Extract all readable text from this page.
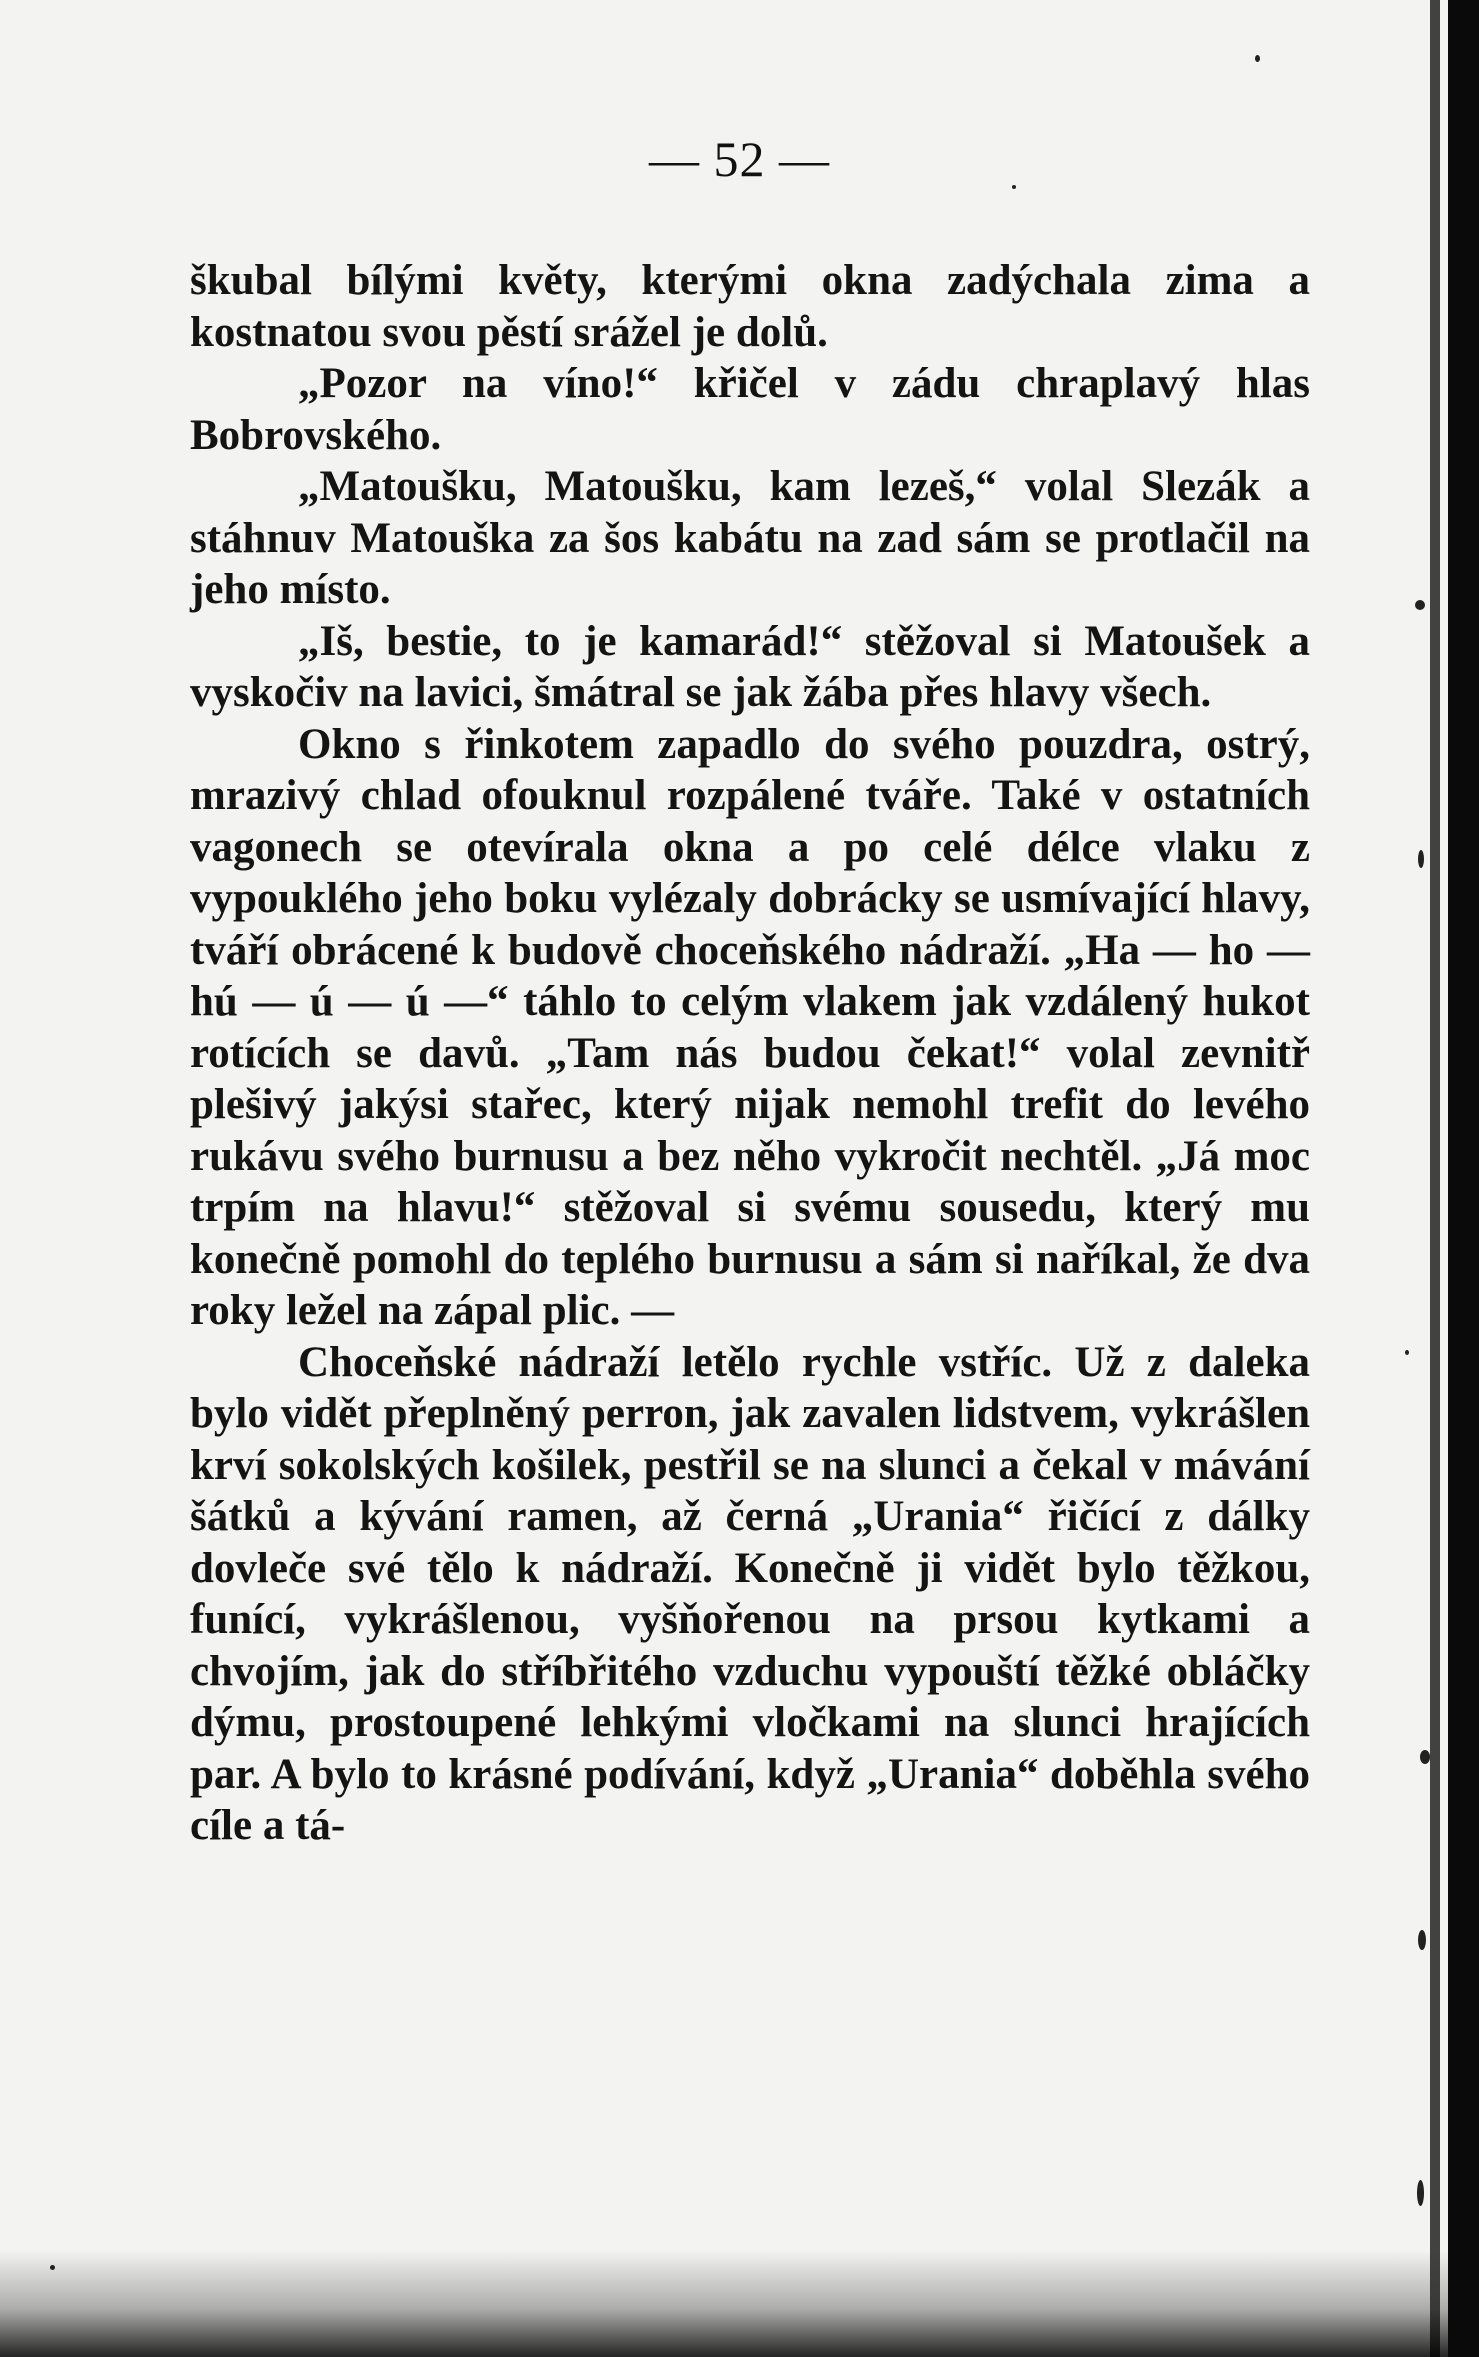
— 52 —

škubal bílými květy, kterými okna zadýchala zima a kostnatou svou pěstí srážel je dolů.

„Pozor na víno!“ křičel v zádu chraplavý hlas Bobrovského.

„Matoušku, Matoušku, kam lezeš,“ volal Slezák a stáhnuv Matouška za šos kabátu na zad sám se protlačil na jeho místo.

„Iš, bestie, to je kamarád!“ stěžoval si Matoušek a vyskočiv na lavici, šmátral se jak žába přes hlavy všech.

Okno s řinkotem zapadlo do svého pouzdra, ostrý, mrazivý chlad ofouknul rozpálené tváře. Také v ostatních vagonech se otevírala okna a po celé délce vlaku z vypouklého jeho boku vylézaly dobrácky se usmívající hlavy, tváří obrácené k budově choceňského nádraží. „Ha — ho — hú — ú — ú —“ táhlo to celým vlakem jak vzdálený hukot rotících se davů. „Tam nás budou čekat!“ volal zevnitř plešivý jakýsi stařec, který nijak nemohl trefit do levého rukávu svého burnusu a bez něho vykročit nechtěl. „Já moc trpím na hlavu!“ stěžoval si svému sousedu, který mu konečně pomohl do teplého burnusu a sám si naříkal, že dva roky ležel na zápal plic. —

Choceňské nádraží letělo rychle vstříc. Už z daleka bylo vidět přeplněný perron, jak zavalen lidstvem, vykrášlen krví sokolských košilek, pestřil se na slunci a čekal v mávání šátků a kývání ramen, až černá „Urania“ řičící z dálky dovleče své tělo k nádraží. Konečně ji vidět bylo těžkou, funící, vykrášlenou, vyšňořenou na prsou kytkami a chvojím, jak do stříbřitého vzduchu vypouští těžké obláčky dýmu, prostoupené lehkými vločkami na slunci hrajících par. A bylo to krásné podívání, když „Urania“ doběhla svého cíle a tá-
